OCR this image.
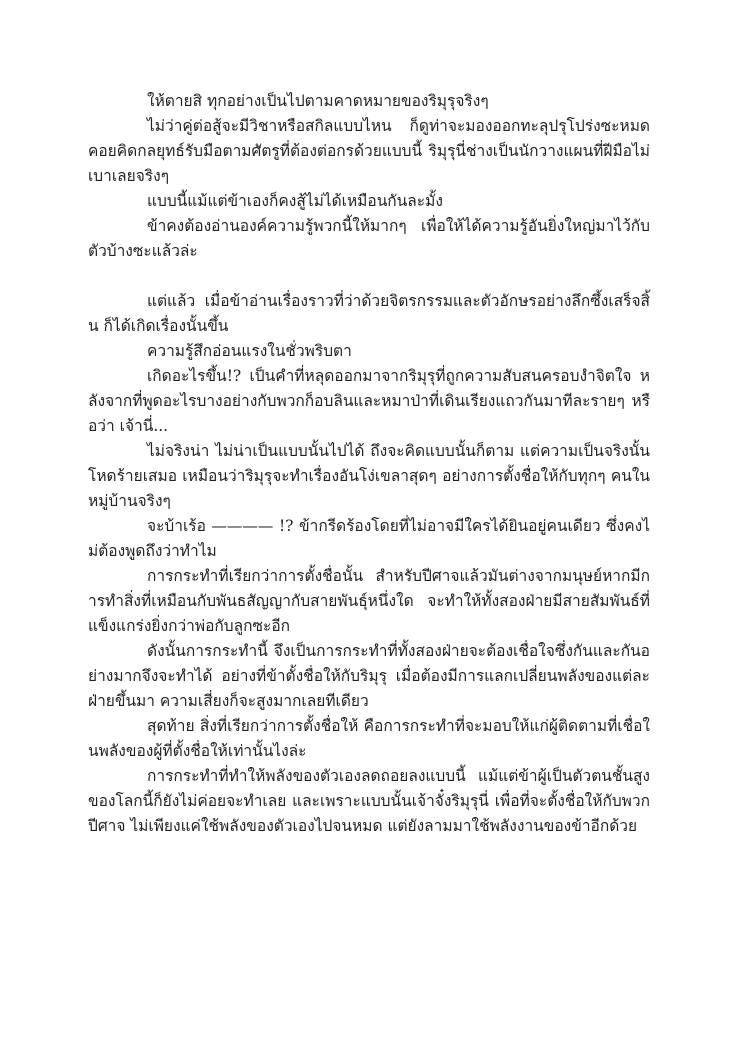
ให้ตายสิ ทุกอย่างเป็นไปตามคาดหมายของริมุรุจริงๆ

ไม่ว่าคู่ต่อสู้จะมีวิชาหรือสกิลแบบไหน ก็ดูท่าจะมองออกทะลุปรุโปร่งซะหมด คอยคิดกลยุทธ์รับมือตามศัตรูที่ต้องต่อกรด้วยแบบนี้ ริมุรุนี่ช่างเป็นนักวางแผนที่ฝีมือไม่เบาเลยจริงๆ

แบบนี้แม้แต่ข้าเองก็คงสู้ไม่ได้เหมือนกันละมั้ง

ข้าคงต้องอ่านองค์ความรู้พวกนี้ให้มากๆ เพื่อให้ได้ความรู้อันยิ่งใหญ่มาไว้กับตัวบ้างซะแล้วล่ะ

แต่แล้ว เมื่อข้าอ่านเรื่องราวที่ว่าด้วยจิตรกรรมและตัวอักษรอย่างลึกซึ้งเสร็จสิ้น ก็ได้เกิดเรื่องนั้นขึ้น

ความรู้สึกอ่อนแรงในชั่วพริบตา

เกิดอะไรขึ้น!? เป็นคำที่หลุดออกมาจากริมุรุที่ถูกความสับสนครอบงำจิตใจ หลังจากที่พูดอะไรบางอย่างกับพวกก็อบลินและหมาป่าที่เดินเรียงแถวกันมาทีละรายๆ หรือว่า เจ้านี่...

ไม่จริงน่า ไม่น่าเป็นแบบนั้นไปได้ ถึงจะคิดแบบนั้นก็ตาม แต่ความเป็นจริงนั้นโหดร้ายเสมอ เหมือนว่าริมุรุจะทำเรื่องอันโง่เขลาสุดๆ อย่างการตั้งชื่อให้กับทุกๆ คนในหมู่บ้านจริงๆ

จะบ้าเร้อ ———— !? ข้ากรีดร้องโดยที่ไม่อาจมีใครได้ยินอยู่คนเดียว ซึ่งคงไม่ต้องพูดถึงว่าทำไม

การกระทำที่เรียกว่าการตั้งชื่อนั้น สำหรับปีศาจแล้วมันต่างจากมนุษย์หากมีการทำสิ่งที่เหมือนกับพันธสัญญากับสายพันธุ์หนึ่งใด จะทำให้ทั้งสองฝ่ายมีสายสัมพันธ์ที่แข็งแกร่งยิ่งกว่าพ่อกับลูกซะอีก

ดังนั้นการกระทำนี้ จึงเป็นการกระทำที่ทั้งสองฝ่ายจะต้องเชื่อใจซึ่งกันและกันอย่างมากจึงจะทำได้ อย่างที่ข้าตั้งชื่อให้กับริมุรุ เมื่อต้องมีการแลกเปลี่ยนพลังของแต่ละฝ่ายขึ้นมา ความเสี่ยงก็จะสูงมากเลยทีเดียว

สุดท้าย สิ่งที่เรียกว่าการตั้งชื่อให้ คือการกระทำที่จะมอบให้แก่ผู้ติดตามที่เชื่อในพลังของผู้ที่ตั้งชื่อให้เท่านั้นไงล่ะ

การกระทำที่ทำให้พลังของตัวเองลดถอยลงแบบนี้ แม้แต่ข้าผู้เป็นตัวตนชั้นสูงของโลกนี้ก็ยังไม่ค่อยจะทำเลย และเพราะแบบนั้นเจ้าจั๋งริมุรุนี่ เพื่อที่จะตั้งชื่อให้กับพวกปีศาจ ไม่เพียงแค่ใช้พลังของตัวเองไปจนหมด แต่ยังลามมาใช้พลังงานของข้าอีกด้วย
